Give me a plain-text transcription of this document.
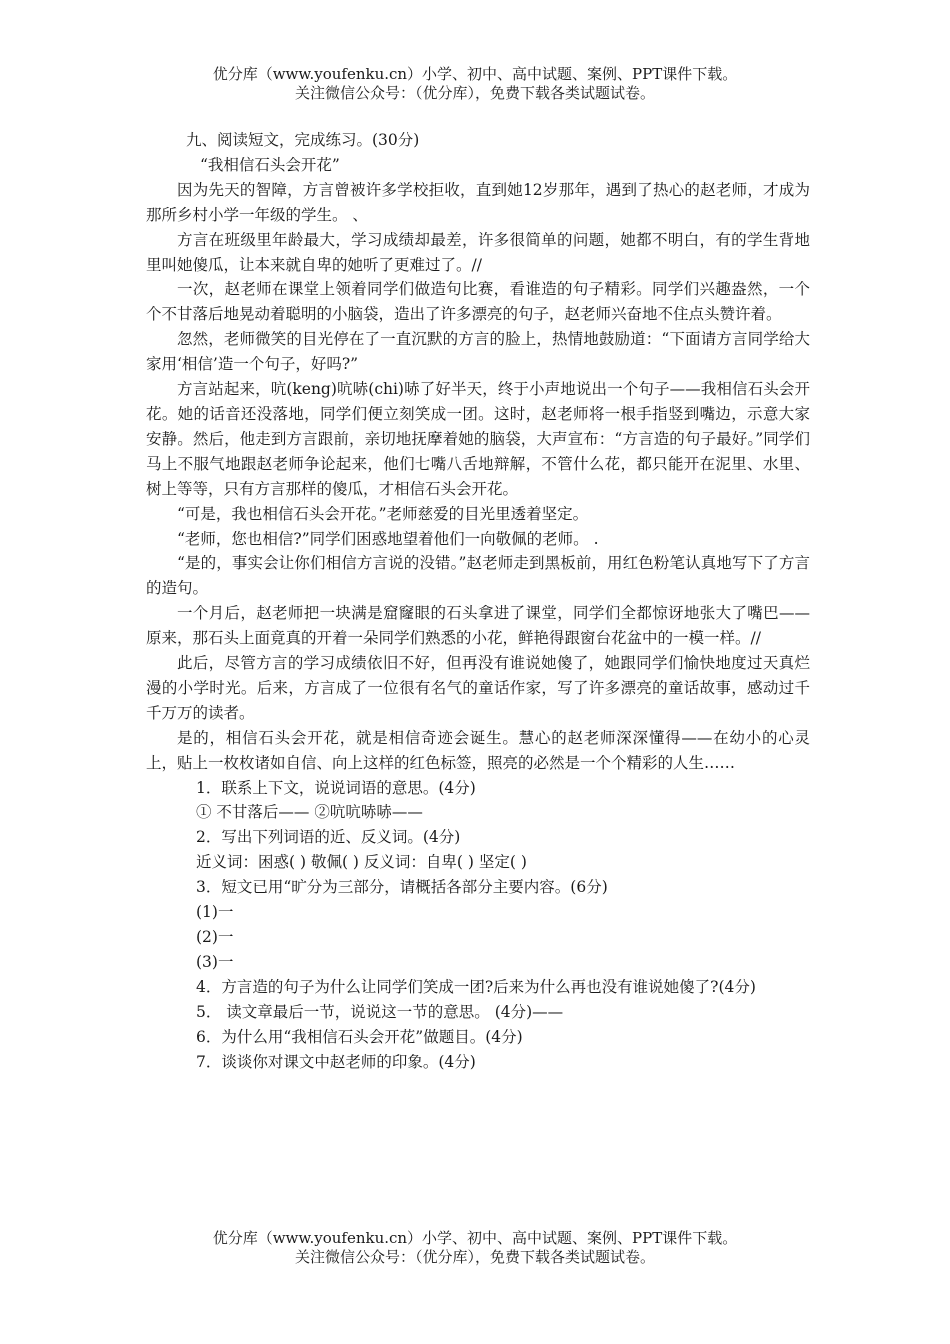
优分库（www.youfenku.cn）小学、初中、高中试题、案例、PPT课件下载。
关注微信公众号：（优分库），免费下载各类试题试卷。

九、阅读短文，完成练习。(30分)

“我相信石头会开花”

因为先天的智障，方言曾被许多学校拒收，直到她12岁那年，遇到了热心的赵老师，才成为那所乡村小学一年级的学生。 、

方言在班级里年龄最大，学习成绩却最差，许多很简单的问题，她都不明白，有的学生背地里叫她傻瓜，让本来就自卑的她听了更难过了。//

一次，赵老师在课堂上领着同学们做造句比赛，看谁造的句子精彩。同学们兴趣盎然，一个个不甘落后地晃动着聪明的小脑袋，造出了许多漂亮的句子，赵老师兴奋地不住点头赞许着。

忽然，老师微笑的目光停在了一直沉默的方言的脸上，热情地鼓励道：“下面请方言同学给大家用‘相信’造一个句子，好吗?”

方言站起来，吭(keng)吭哧(chi)哧了好半天，终于小声地说出一个句子——我相信石头会开花。她的话音还没落地，同学们便立刻笑成一团。这时，赵老师将一根手指竖到嘴边，示意大家安静。然后，他走到方言跟前，亲切地抚摩着她的脑袋，大声宣布：“方言造的句子最好。”同学们马上不服气地跟赵老师争论起来，他们七嘴八舌地辩解，不管什么花，都只能开在泥里、水里、树上等等，只有方言那样的傻瓜，才相信石头会开花。

“可是，我也相信石头会开花。”老师慈爱的目光里透着坚定。

“老师，您也相信?”同学们困惑地望着他们一向敬佩的老师。 .

“是的，事实会让你们相信方言说的没错。”赵老师走到黑板前，用红色粉笔认真地写下了方言的造句。

一个月后，赵老师把一块满是窟窿眼的石头拿进了课堂，同学们全都惊讶地张大了嘴巴——原来，那石头上面竟真的开着一朵同学们熟悉的小花，鲜艳得跟窗台花盆中的一模一样。//

此后，尽管方言的学习成绩依旧不好，但再没有谁说她傻了，她跟同学们愉快地度过天真烂漫的小学时光。后来，方言成了一位很有名气的童话作家，写了许多漂亮的童话故事，感动过千千万万的读者。

是的，相信石头会开花，就是相信奇迹会诞生。慧心的赵老师深深懂得——在幼小的心灵上，贴上一枚枚诸如自信、向上这样的红色标签，照亮的必然是一个个精彩的人生……

1．联系上下文，说说词语的意思。(4分)

① 不甘落后—— ②吭吭哧哧——

2．写出下列词语的近、反义词。(4分)

近义词：困惑( ) 敬佩( ) 反义词：自卑( ) 坚定( )

3．短文已用“旷分为三部分，请概括各部分主要内容。(6分)

(1)一

(2)一

(3)一

4．方言造的句子为什么让同学们笑成一团?后来为什么再也没有谁说她傻了?(4分)

5． 读文章最后一节，说说这一节的意思。 (4分)——

6．为什么用“我相信石头会开花”做题目。(4分)

7．谈谈你对课文中赵老师的印象。(4分)

优分库（www.youfenku.cn）小学、初中、高中试题、案例、PPT课件下载。
关注微信公众号：（优分库），免费下载各类试题试卷。
